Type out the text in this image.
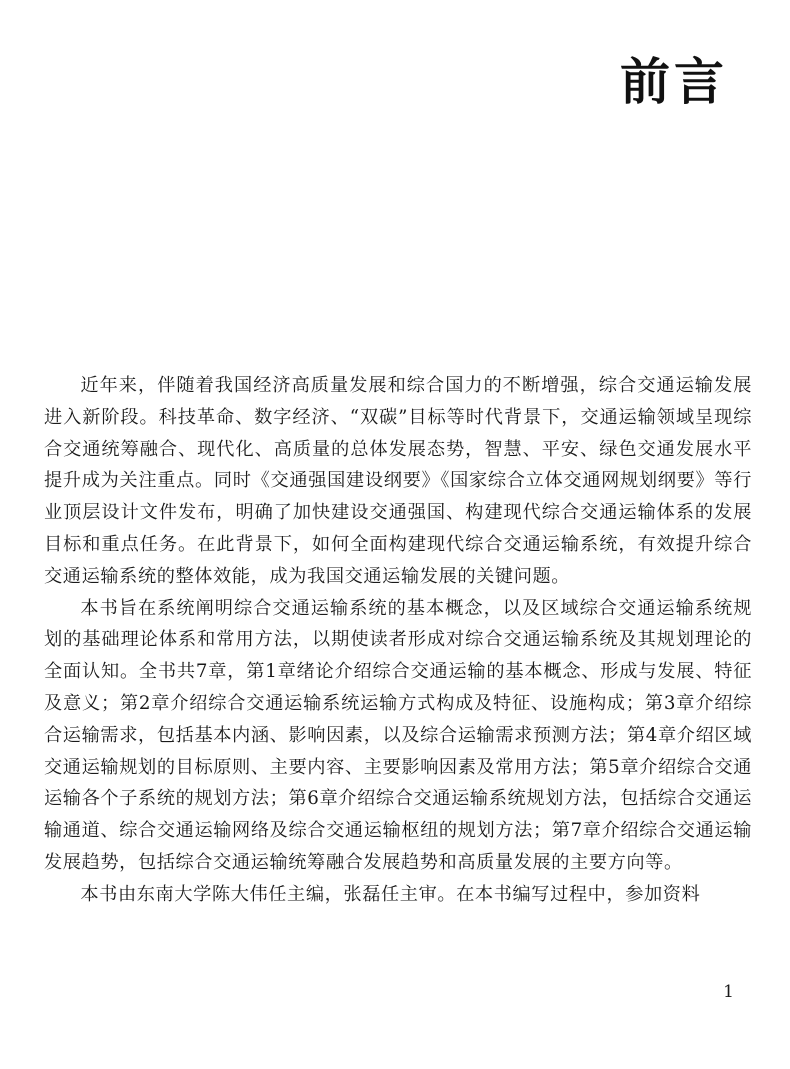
前言

近年来，伴随着我国经济高质量发展和综合国力的不断增强，综合交通运输发展进入新阶段。科技革命、数字经济、“双碳”目标等时代背景下，交通运输领域呈现综合交通统筹融合、现代化、高质量的总体发展态势，智慧、平安、绿色交通发展水平提升成为关注重点。同时《交通强国建设纲要》《国家综合立体交通网规划纲要》等行业顶层设计文件发布，明确了加快建设交通强国、构建现代综合交通运输体系的发展目标和重点任务。在此背景下，如何全面构建现代综合交通运输系统，有效提升综合交通运输系统的整体效能，成为我国交通运输发展的关键问题。

本书旨在系统阐明综合交通运输系统的基本概念，以及区域综合交通运输系统规划的基础理论体系和常用方法，以期使读者形成对综合交通运输系统及其规划理论的全面认知。全书共7章，第1章绪论介绍综合交通运输的基本概念、形成与发展、特征及意义；第2章介绍综合交通运输系统运输方式构成及特征、设施构成；第3章介绍综合运输需求，包括基本内涵、影响因素，以及综合运输需求预测方法；第4章介绍区域交通运输规划的目标原则、主要内容、主要影响因素及常用方法；第5章介绍综合交通运输各个子系统的规划方法；第6章介绍综合交通运输系统规划方法，包括综合交通运输通道、综合交通运输网络及综合交通运输枢纽的规划方法；第7章介绍综合交通运输发展趋势，包括综合交通运输统筹融合发展趋势和高质量发展的主要方向等。

本书由东南大学陈大伟任主编，张磊任主审。在本书编写过程中，参加资料

1
